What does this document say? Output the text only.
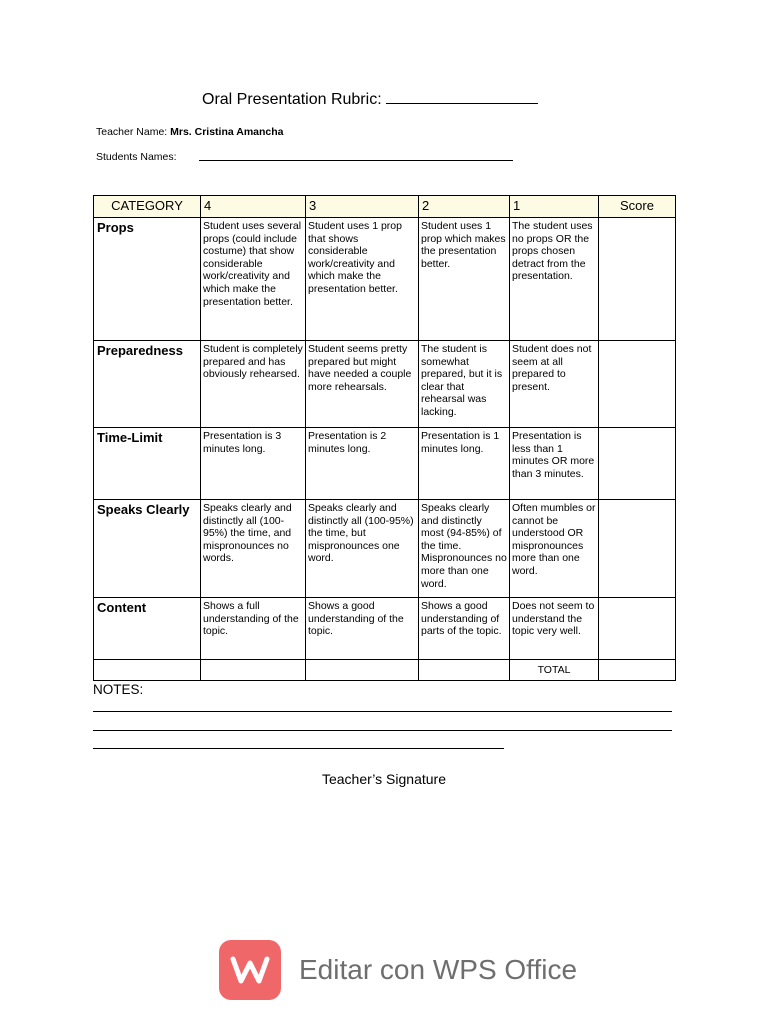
Oral Presentation Rubric:
Teacher Name: Mrs. Cristina Amancha
Students Names:
CATEGORY	4	3	2	1	Score
Props	Student uses several props (could include costume) that show considerable work/creativity and which make the presentation better.	Student uses 1 prop that shows considerable work/creativity and which make the presentation better.	Student uses 1 prop which makes the presentation better.	The student uses no props OR the props chosen detract from the presentation.	
Preparedness	Student is completely prepared and has obviously rehearsed.	Student seems pretty prepared but might have needed a couple more rehearsals.	The student is somewhat prepared, but it is clear that rehearsal was lacking.	Student does not seem at all prepared to present.	
Time-Limit	Presentation is 3 minutes long.	Presentation is 2 minutes long.	Presentation is 1 minutes long.	Presentation is less than 1 minutes OR more than 3 minutes.	
Speaks Clearly	Speaks clearly and distinctly all (100-95%) the time, and mispronounces no words.	Speaks clearly and distinctly all (100-95%) the time, but mispronounces one word.	Speaks clearly and distinctly most (94-85%) of the time. Mispronounces no more than one word.	Often mumbles or cannot be understood OR mispronounces more than one word.	
Content	Shows a full understanding of the topic.	Shows a good understanding of the topic.	Shows a good understanding of parts of the topic.	Does not seem to understand the topic very well.	
				TOTAL	
NOTES:
Teacher’s Signature
Editar con WPS Office
